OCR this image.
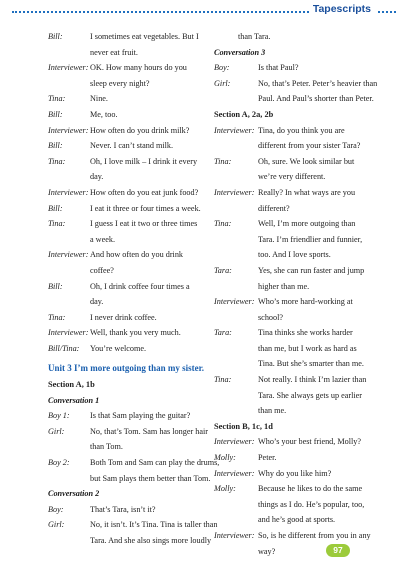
Tapescripts
Bill:	I sometimes eat vegetables. But I
never eat fruit.
Interviewer: OK. How many hours do you
sleep every night?
Tina:	Nine.
Bill:	Me, too.
Interviewer: How often do you drink milk?
Bill:	Never. I can’t stand milk.
Tina:	Oh, I love milk – I drink it every
day.
Interviewer: How often do you eat junk food?
Bill:	I eat it three or four times a week.
Tina:	I guess I eat it two or three times
a week.
Interviewer: And how often do you drink
coffee?
Bill:	Oh, I drink coffee four times a
day.
Tina:	I never drink coffee.
Interviewer: Well, thank you very much.
Bill/Tina:	You’re welcome.
Unit 3 I’m more outgoing than my sister.
Section A, 1b
Conversation 1
Boy 1:	Is that Sam playing the guitar?
Girl:	No, that’s Tom. Sam has longer hair
than Tom.
Boy 2:	Both Tom and Sam can play the drums,
but Sam plays them better than Tom.
Conversation 2
Boy:	That’s Tara, isn’t it?
Girl:	No, it isn’t. It’s Tina. Tina is taller than
Tara. And she also sings more loudly
than Tara.
Conversation 3
Boy:	Is that Paul?
Girl:	No, that’s Peter. Peter’s heavier than
Paul. And Paul’s shorter than Peter.
Section A, 2a, 2b
Interviewer: Tina, do you think you are
different from your sister Tara?
Tina:	Oh, sure. We look similar but
we’re very different.
Interviewer: Really? In what ways are you
different?
Tina:	Well, I’m more outgoing than
Tara. I’m friendlier and funnier,
too. And I love sports.
Tara:	Yes, she can run faster and jump
higher than me.
Interviewer: Who’s more hard-working at
school?
Tara:	Tina thinks she works harder
than me, but I work as hard as
Tina. But she’s smarter than me.
Tina:	Not really. I think I’m lazier than
Tara. She always gets up earlier
than me.
Section B, 1c, 1d
Interviewer: Who’s your best friend, Molly?
Molly:	Peter.
Interviewer: Why do you like him?
Molly:	Because he likes to do the same
things as I do. He’s popular, too,
and he’s good at sports.
Interviewer: So, is he different from you in any
way?	97
